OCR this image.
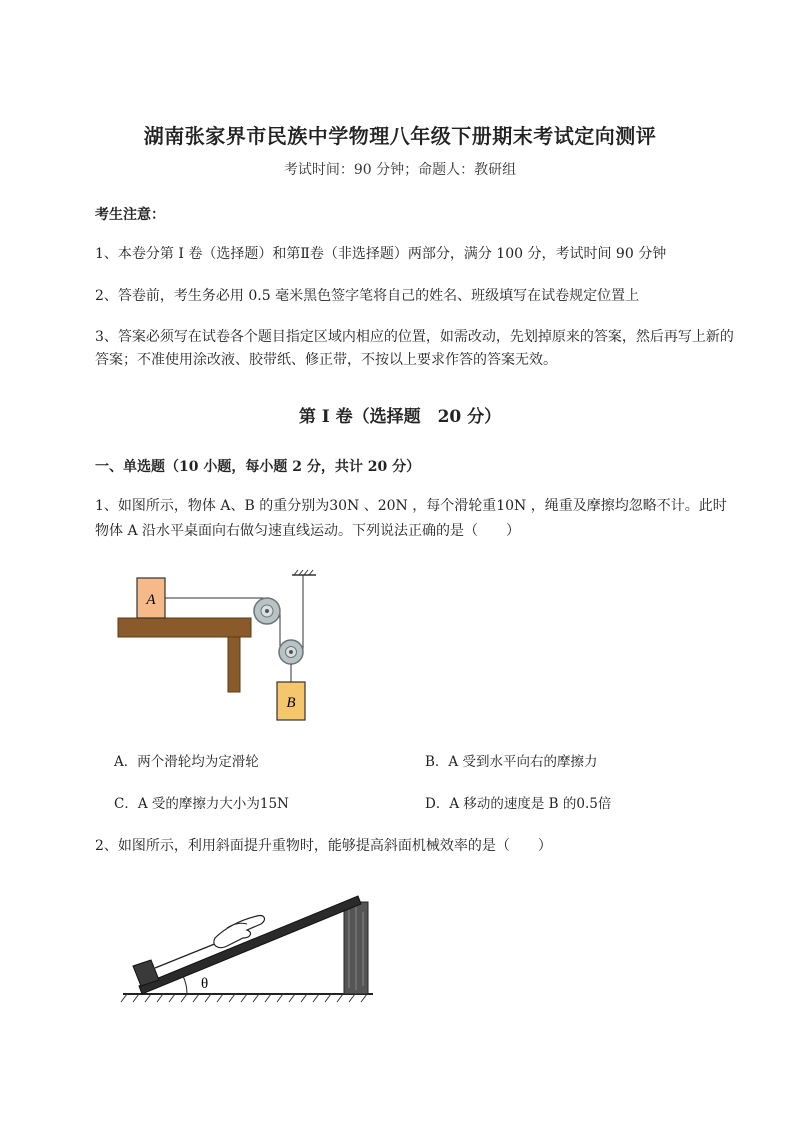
湖南张家界市民族中学物理八年级下册期末考试定向测评
考试时间：90 分钟；命题人：教研组
考生注意：
1、本卷分第 I 卷（选择题）和第Ⅱ卷（非选择题）两部分，满分 100 分，考试时间 90 分钟
2、答卷前，考生务必用 0.5 毫米黑色签字笔将自己的姓名、班级填写在试卷规定位置上
3、答案必须写在试卷各个题目指定区域内相应的位置，如需改动，先划掉原来的答案，然后再写上新的答案；不准使用涂改液、胶带纸、修正带，不按以上要求作答的答案无效。
第 I 卷（选择题　20 分）
一、单选题（10 小题，每小题 2 分，共计 20 分）
1、如图所示，物体 A、B 的重分别为30N 、20N ，每个滑轮重10N ，绳重及摩擦均忽略不计。此时物体 A 沿水平桌面向右做匀速直线运动。下列说法正确的是（　　）
A
B
A．两个滑轮均为定滑轮	B．A 受到水平向右的摩擦力
C．A 受的摩擦力大小为15N	D．A 移动的速度是 B 的0.5倍
2、如图所示，利用斜面提升重物时，能够提高斜面机械效率的是（　　）
θ
